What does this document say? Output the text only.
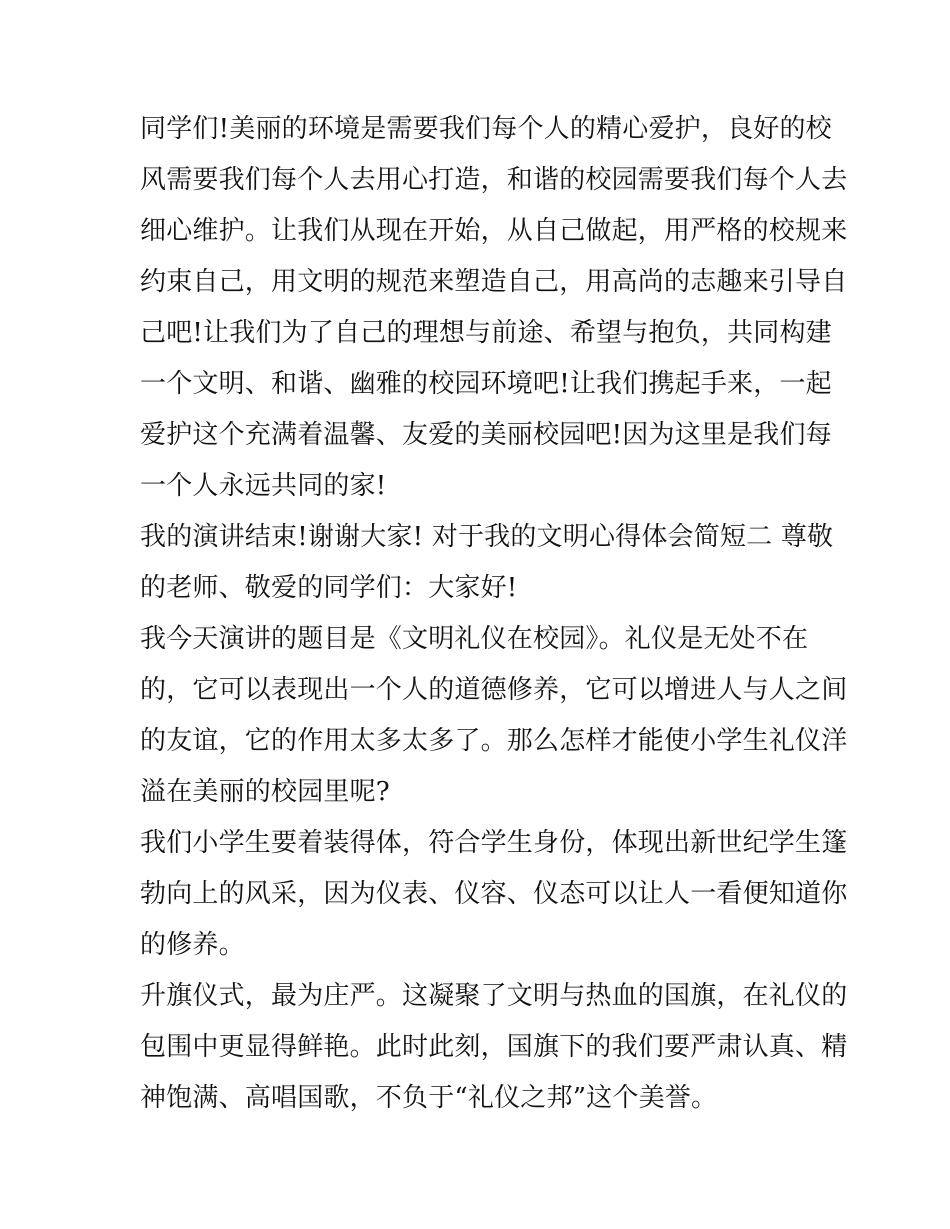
同学们!美丽的环境是需要我们每个人的精心爱护，良好的校
风需要我们每个人去用心打造，和谐的校园需要我们每个人去
细心维护。让我们从现在开始，从自己做起，用严格的校规来
约束自己，用文明的规范来塑造自己，用高尚的志趣来引导自
己吧!让我们为了自己的理想与前途、希望与抱负，共同构建
一个文明、和谐、幽雅的校园环境吧!让我们携起手来，一起
爱护这个充满着温馨、友爱的美丽校园吧!因为这里是我们每
一个人永远共同的家!
我的演讲结束!谢谢大家! 对于我的文明心得体会简短二 尊敬
的老师、敬爱的同学们：大家好!
我今天演讲的题目是《文明礼仪在校园》。礼仪是无处不在
的，它可以表现出一个人的道德修养，它可以增进人与人之间
的友谊，它的作用太多太多了。那么怎样才能使小学生礼仪洋
溢在美丽的校园里呢?
我们小学生要着装得体，符合学生身份，体现出新世纪学生篷
勃向上的风采，因为仪表、仪容、仪态可以让人一看便知道你
的修养。
升旗仪式，最为庄严。这凝聚了文明与热血的国旗，在礼仪的
包围中更显得鲜艳。此时此刻，国旗下的我们要严肃认真、精
神饱满、高唱国歌，不负于“礼仪之邦”这个美誉。
